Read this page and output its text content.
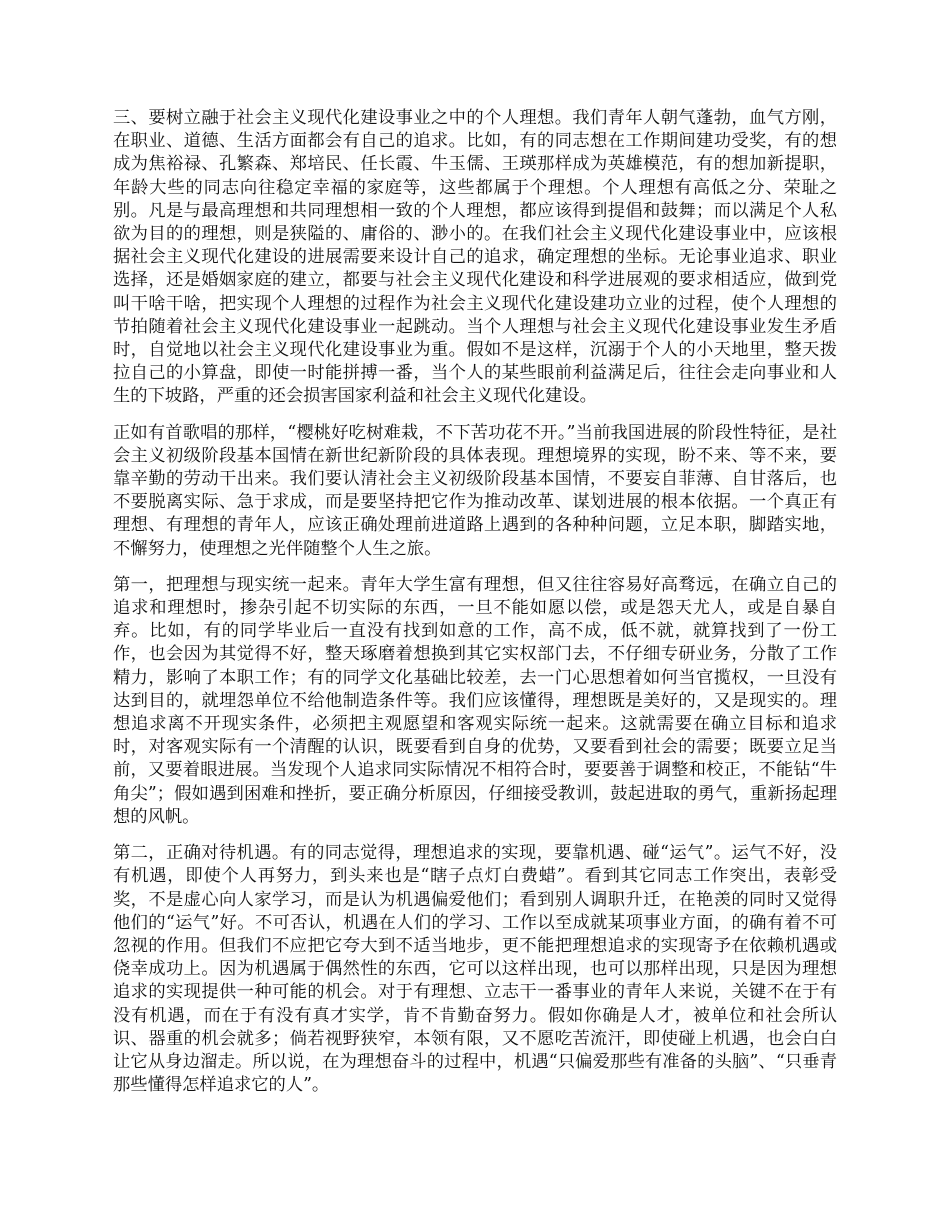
三、要树立融于社会主义现代化建设事业之中的个人理想。我们青年人朝气蓬勃，血气方刚，在职业、道德、生活方面都会有自己的追求。比如，有的同志想在工作期间建功受奖，有的想成为焦裕禄、孔繁森、郑培民、任长霞、牛玉儒、王瑛那样成为英雄模范，有的想加新提职，年龄大些的同志向往稳定幸福的家庭等，这些都属于个理想。个人理想有高低之分、荣耻之别。凡是与最高理想和共同理想相一致的个人理想，都应该得到提倡和鼓舞；而以满足个人私欲为目的的理想，则是狭隘的、庸俗的、渺小的。在我们社会主义现代化建设事业中，应该根据社会主义现代化建设的进展需要来设计自己的追求，确定理想的坐标。无论事业追求、职业选择，还是婚姻家庭的建立，都要与社会主义现代化建设和科学进展观的要求相适应，做到党叫干啥干啥，把实现个人理想的过程作为社会主义现代化建设建功立业的过程，使个人理想的节拍随着社会主义现代化建设事业一起跳动。当个人理想与社会主义现代化建设事业发生矛盾时，自觉地以社会主义现代化建设事业为重。假如不是这样，沉溺于个人的小天地里，整天拨拉自己的小算盘，即使一时能拼搏一番，当个人的某些眼前利益满足后，往往会走向事业和人生的下坡路，严重的还会损害国家利益和社会主义现代化建设。

正如有首歌唱的那样，“樱桃好吃树难栽，不下苦功花不开。”当前我国进展的阶段性特征，是社会主义初级阶段基本国情在新世纪新阶段的具体表现。理想境界的实现，盼不来、等不来，要靠辛勤的劳动干出来。我们要认清社会主义初级阶段基本国情，不要妄自菲薄、自甘落后，也不要脱离实际、急于求成，而是要坚持把它作为推动改革、谋划进展的根本依据。一个真正有理想、有理想的青年人，应该正确处理前进道路上遇到的各种种问题，立足本职，脚踏实地，不懈努力，使理想之光伴随整个人生之旅。

第一，把理想与现实统一起来。青年大学生富有理想，但又往往容易好高骛远，在确立自己的追求和理想时，掺杂引起不切实际的东西，一旦不能如愿以偿，或是怨天尤人，或是自暴自弃。比如，有的同学毕业后一直没有找到如意的工作，高不成，低不就，就算找到了一份工作，也会因为其觉得不好，整天琢磨着想换到其它实权部门去，不仔细专研业务，分散了工作精力，影响了本职工作；有的同学文化基础比较差，去一门心思想着如何当官揽权，一旦没有达到目的，就埋怨单位不给他制造条件等。我们应该懂得，理想既是美好的，又是现实的。理想追求离不开现实条件，必须把主观愿望和客观实际统一起来。这就需要在确立目标和追求时，对客观实际有一个清醒的认识，既要看到自身的优势，又要看到社会的需要；既要立足当前，又要着眼进展。当发现个人追求同实际情况不相符合时，要要善于调整和校正，不能钻“牛角尖”；假如遇到困难和挫折，要正确分析原因，仔细接受教训，鼓起进取的勇气，重新扬起理想的风帆。

第二，正确对待机遇。有的同志觉得，理想追求的实现，要靠机遇、碰“运气”。运气不好，没有机遇，即使个人再努力，到头来也是“瞎子点灯白费蜡”。看到其它同志工作突出，表彰受奖，不是虚心向人家学习，而是认为机遇偏爱他们；看到别人调职升迁，在艳羡的同时又觉得他们的“运气”好。不可否认，机遇在人们的学习、工作以至成就某项事业方面，的确有着不可忽视的作用。但我们不应把它夸大到不适当地步，更不能把理想追求的实现寄予在依赖机遇或侥幸成功上。因为机遇属于偶然性的东西，它可以这样出现，也可以那样出现，只是因为理想追求的实现提供一种可能的机会。对于有理想、立志干一番事业的青年人来说，关键不在于有没有机遇，而在于有没有真才实学，肯不肯勤奋努力。假如你确是人才，被单位和社会所认识、器重的机会就多；倘若视野狭窄，本领有限，又不愿吃苦流汗，即使碰上机遇，也会白白让它从身边溜走。所以说，在为理想奋斗的过程中，机遇“只偏爱那些有准备的头脑”、“只垂青那些懂得怎样追求它的人”。
